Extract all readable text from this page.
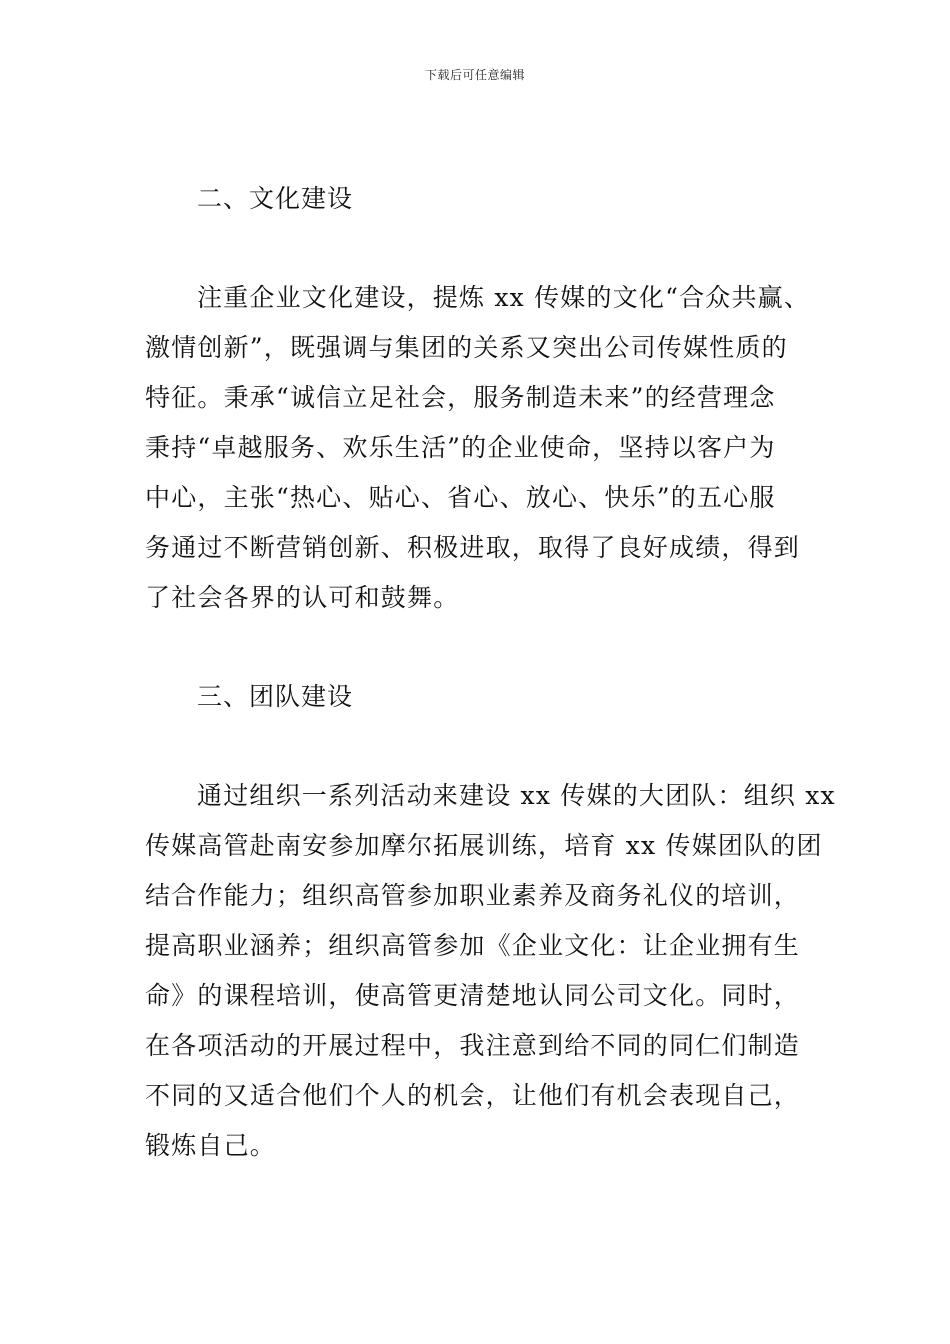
下载后可任意编辑
二、文化建设
注重企业文化建设，提炼 xx 传媒的文化“合众共赢、
激情创新”，既强调与集团的关系又突出公司传媒性质的
特征。秉承“诚信立足社会，服务制造未来”的经营理念
秉持“卓越服务、欢乐生活”的企业使命，坚持以客户为
中心，主张“热心、贴心、省心、放心、快乐”的五心服
务通过不断营销创新、积极进取，取得了良好成绩，得到
了社会各界的认可和鼓舞。
三、团队建设
通过组织一系列活动来建设 xx 传媒的大团队：组织 xx
传媒高管赴南安参加摩尔拓展训练，培育 xx 传媒团队的团
结合作能力；组织高管参加职业素养及商务礼仪的培训，
提高职业涵养；组织高管参加《企业文化：让企业拥有生
命》的课程培训，使高管更清楚地认同公司文化。同时，
在各项活动的开展过程中，我注意到给不同的同仁们制造
不同的又适合他们个人的机会，让他们有机会表现自己，
锻炼自己。
